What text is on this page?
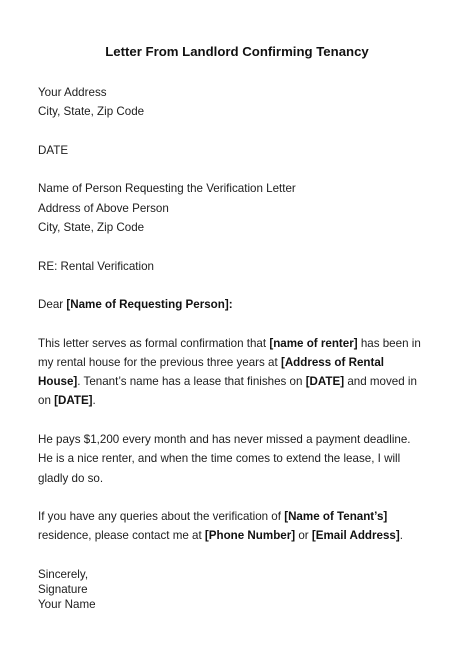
Letter From Landlord Confirming Tenancy
Your Address
City, State, Zip Code
DATE
Name of Person Requesting the Verification Letter
Address of Above Person
City, State, Zip Code
RE: Rental Verification
Dear [Name of Requesting Person]:
This letter serves as formal confirmation that [name of renter] has been in
my rental house for the previous three years at [Address of Rental
House]. Tenant’s name has a lease that finishes on [DATE] and moved in
on [DATE].
He pays $1,200 every month and has never missed a payment deadline.
He is a nice renter, and when the time comes to extend the lease, I will
gladly do so.
If you have any queries about the verification of [Name of Tenant’s]
residence, please contact me at [Phone Number] or [Email Address].
Sincerely,
Signature
Your Name
